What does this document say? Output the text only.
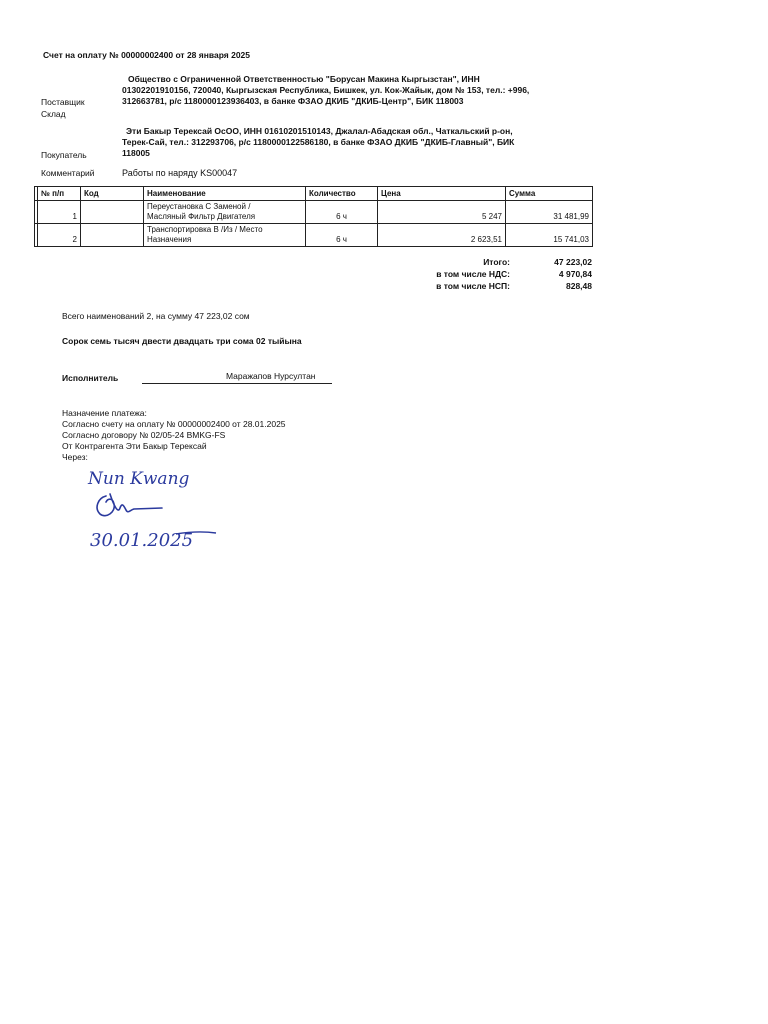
Счет на оплату № 00000002400 от 28 января 2025
Поставщик
Склад
Общество с Ограниченной Ответственностью "Борусан Макина Кыргызстан", ИНН
01302201910156, 720040, Кыргызская Республика, Бишкек, ул. Кок-Жайык, дом № 153, тел.: +996,
312663781, р/с 1180000123936403, в банке ФЗАО ДКИБ "ДКИБ-Центр", БИК 118003
Покупатель
Эти Бакыр Терексай ОсОО, ИНН 01610201510143, Джалал-Абадская обл., Чаткальский р-он,
Терек-Сай, тел.: 312293706, р/с 1180000122586180, в банке ФЗАО ДКИБ "ДКИБ-Главный", БИК
118005
Комментарий	Работы по наряду KS00047
	№ п/п	Код	Наименование	Количество	Цена	Сумма
	1		Переустановка С Заменой /
Масляный Фильтр Двигателя	6 ч	5 247	31 481,99
	2		Транспортировка В /Из / Место
Назначения	6 ч	2 623,51	15 741,03
Итого:	47 223,02
в том числе НДС:	4 970,84
в том числе НСП:	828,48
Всего наименований 2, на сумму 47 223,02 сом
Сорок семь тысяч двести двадцать три сома 02 тыйына
Исполнитель	Маражапов Нурсултан
Назначение платежа:
Согласно счету на оплату № 00000002400 от 28.01.2025
Согласно договору № 02/05-24 BMKG-FS
От Контрагента Эти Бакыр Терексай
Через:
Nun Kwang
30.01.2025
